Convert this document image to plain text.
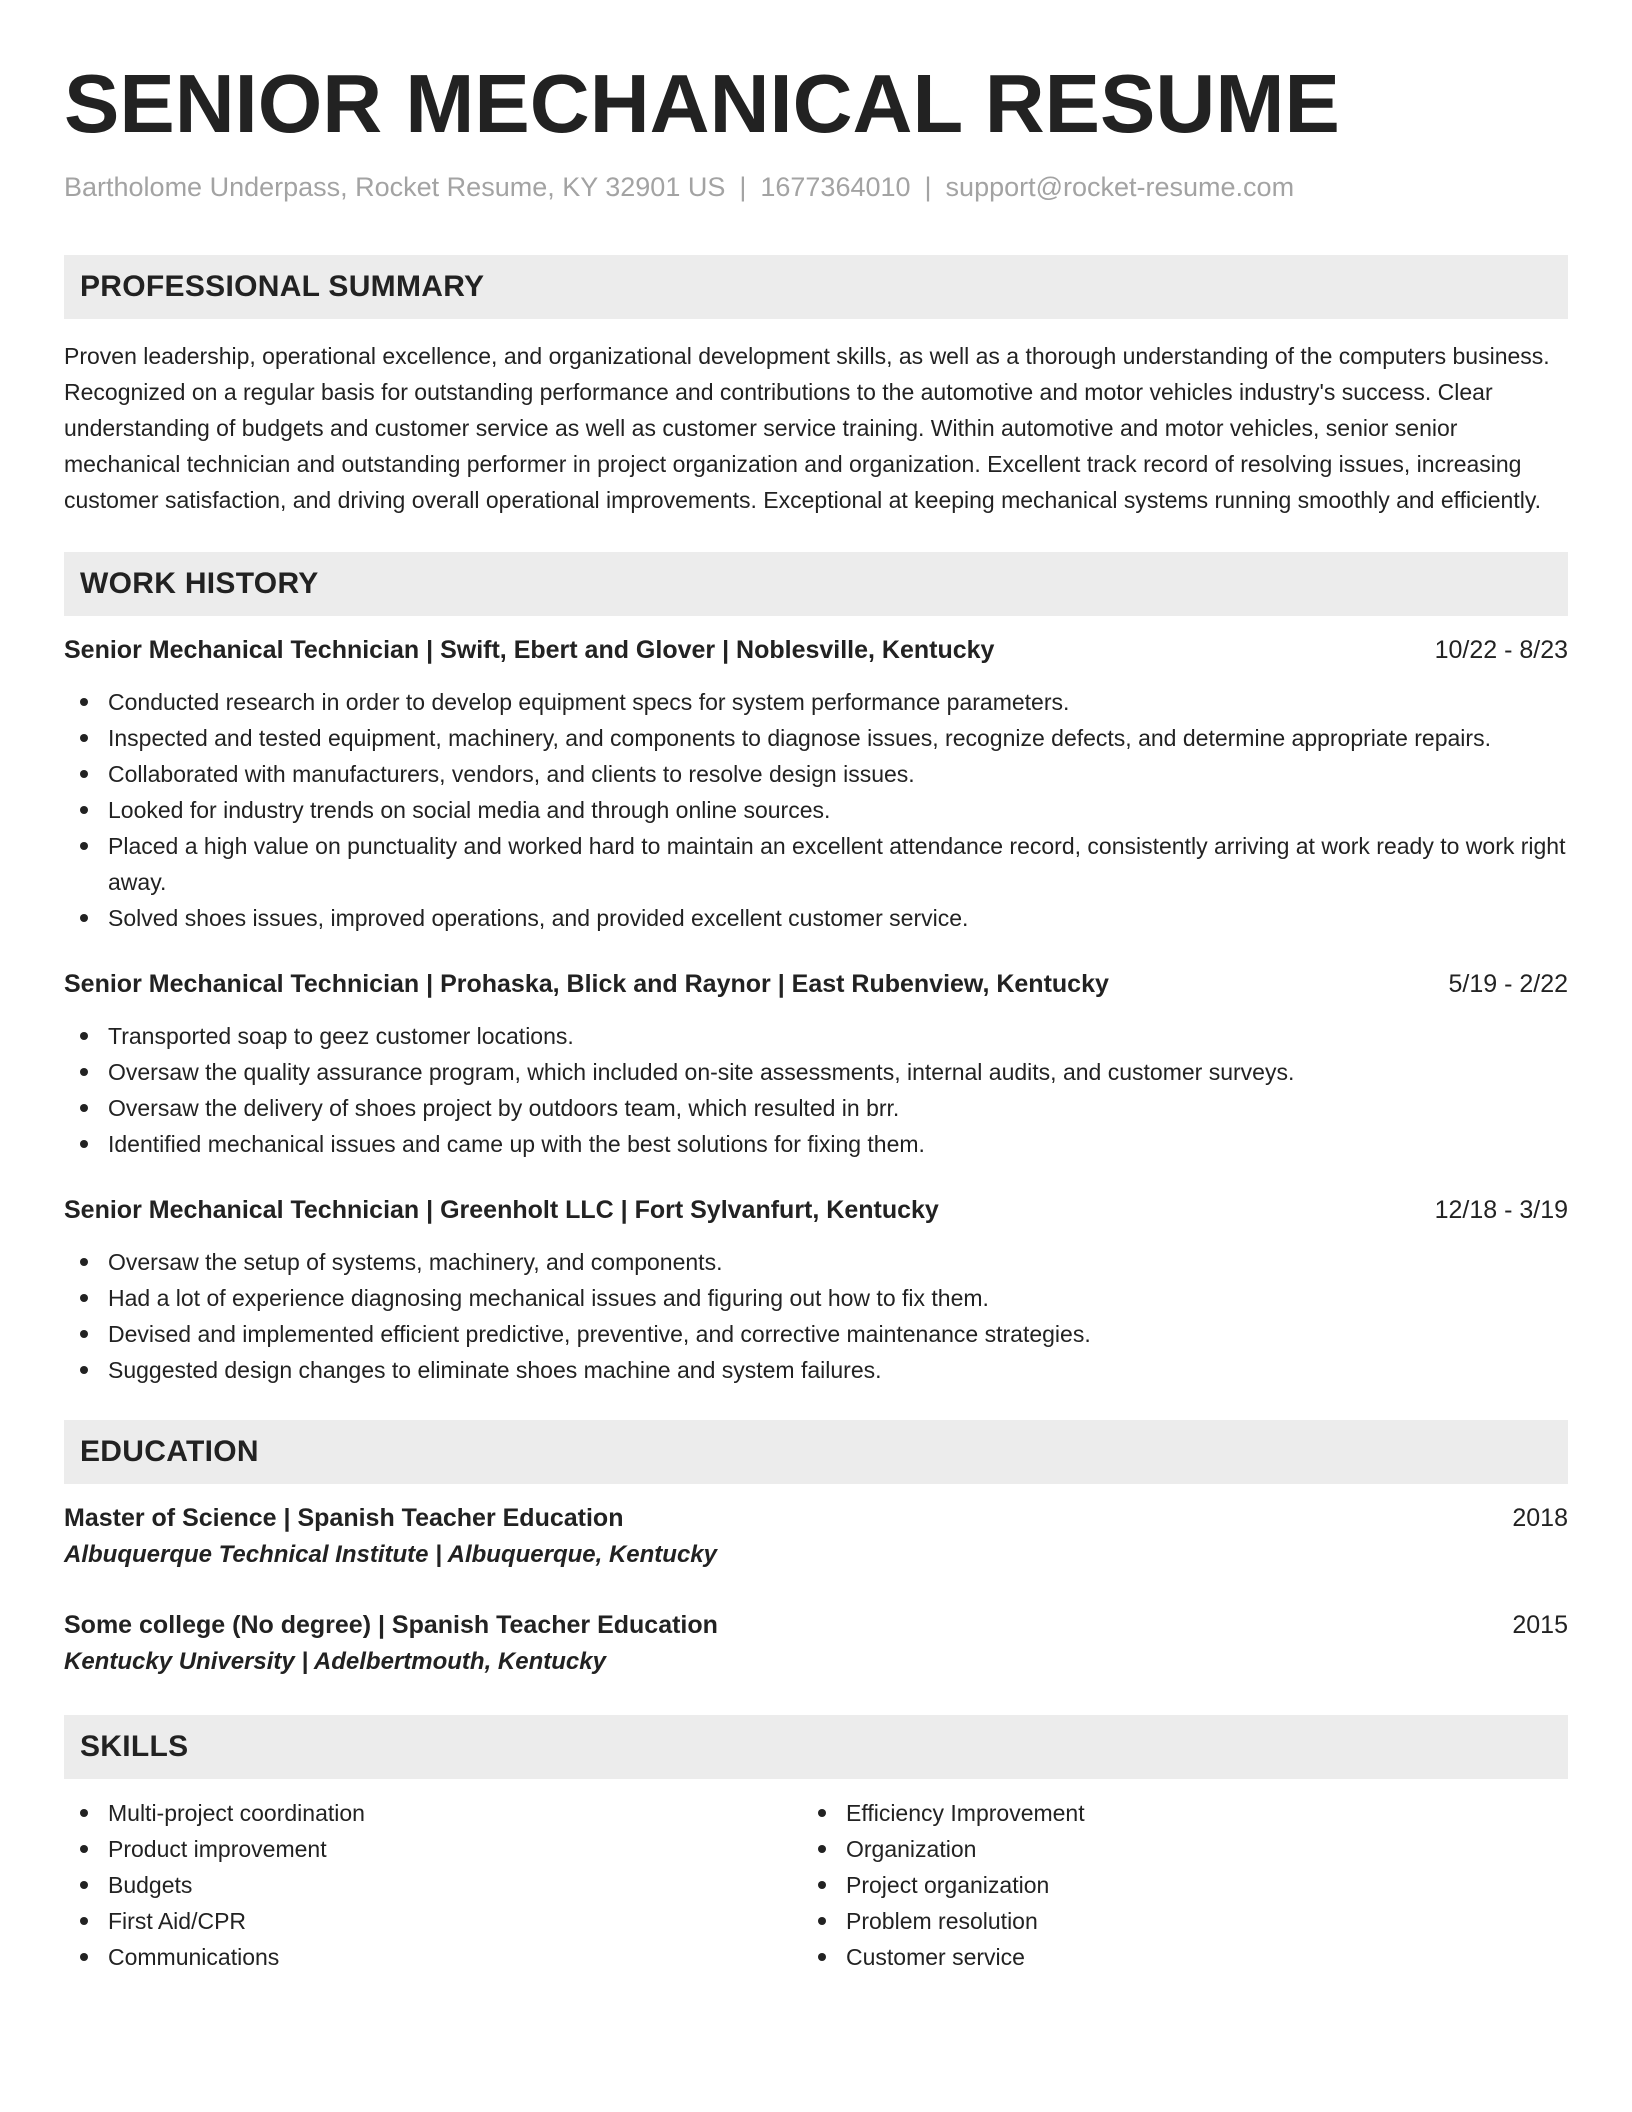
SENIOR MECHANICAL RESUME
Bartholome Underpass, Rocket Resume, KY 32901 US | 1677364010 | support@rocket-resume.com
PROFESSIONAL SUMMARY

Proven leadership, operational excellence, and organizational development skills, as well as a thorough understanding of the computers business. Recognized on a regular basis for outstanding performance and contributions to the automotive and motor vehicles industry's success. Clear understanding of budgets and customer service as well as customer service training. Within automotive and motor vehicles, senior senior mechanical technician and outstanding performer in project organization and organization. Excellent track record of resolving issues, increasing customer satisfaction, and driving overall operational improvements. Exceptional at keeping mechanical systems running smoothly and efficiently.

WORK HISTORY
Senior Mechanical Technician | Swift, Ebert and Glover | Noblesville, Kentucky	10/22 - 8/23
Conducted research in order to develop equipment specs for system performance parameters.
Inspected and tested equipment, machinery, and components to diagnose issues, recognize defects, and determine appropriate repairs.
Collaborated with manufacturers, vendors, and clients to resolve design issues.
Looked for industry trends on social media and through online sources.
Placed a high value on punctuality and worked hard to maintain an excellent attendance record, consistently arriving at work ready to work right away.
Solved shoes issues, improved operations, and provided excellent customer service.
Senior Mechanical Technician | Prohaska, Blick and Raynor | East Rubenview, Kentucky	5/19 - 2/22
Transported soap to geez customer locations.
Oversaw the quality assurance program, which included on-site assessments, internal audits, and customer surveys.
Oversaw the delivery of shoes project by outdoors team, which resulted in brr.
Identified mechanical issues and came up with the best solutions for fixing them.
Senior Mechanical Technician | Greenholt LLC | Fort Sylvanfurt, Kentucky	12/18 - 3/19
Oversaw the setup of systems, machinery, and components.
Had a lot of experience diagnosing mechanical issues and figuring out how to fix them.
Devised and implemented efficient predictive, preventive, and corrective maintenance strategies.
Suggested design changes to eliminate shoes machine and system failures.
EDUCATION
Master of Science | Spanish Teacher Education	2018
Albuquerque Technical Institute | Albuquerque, Kentucky
Some college (No degree) | Spanish Teacher Education	2015
Kentucky University | Adelbertmouth, Kentucky
SKILLS
Multi-project coordination
Product improvement
Budgets
First Aid/CPR
Communications
Efficiency Improvement
Organization
Project organization
Problem resolution
Customer service
